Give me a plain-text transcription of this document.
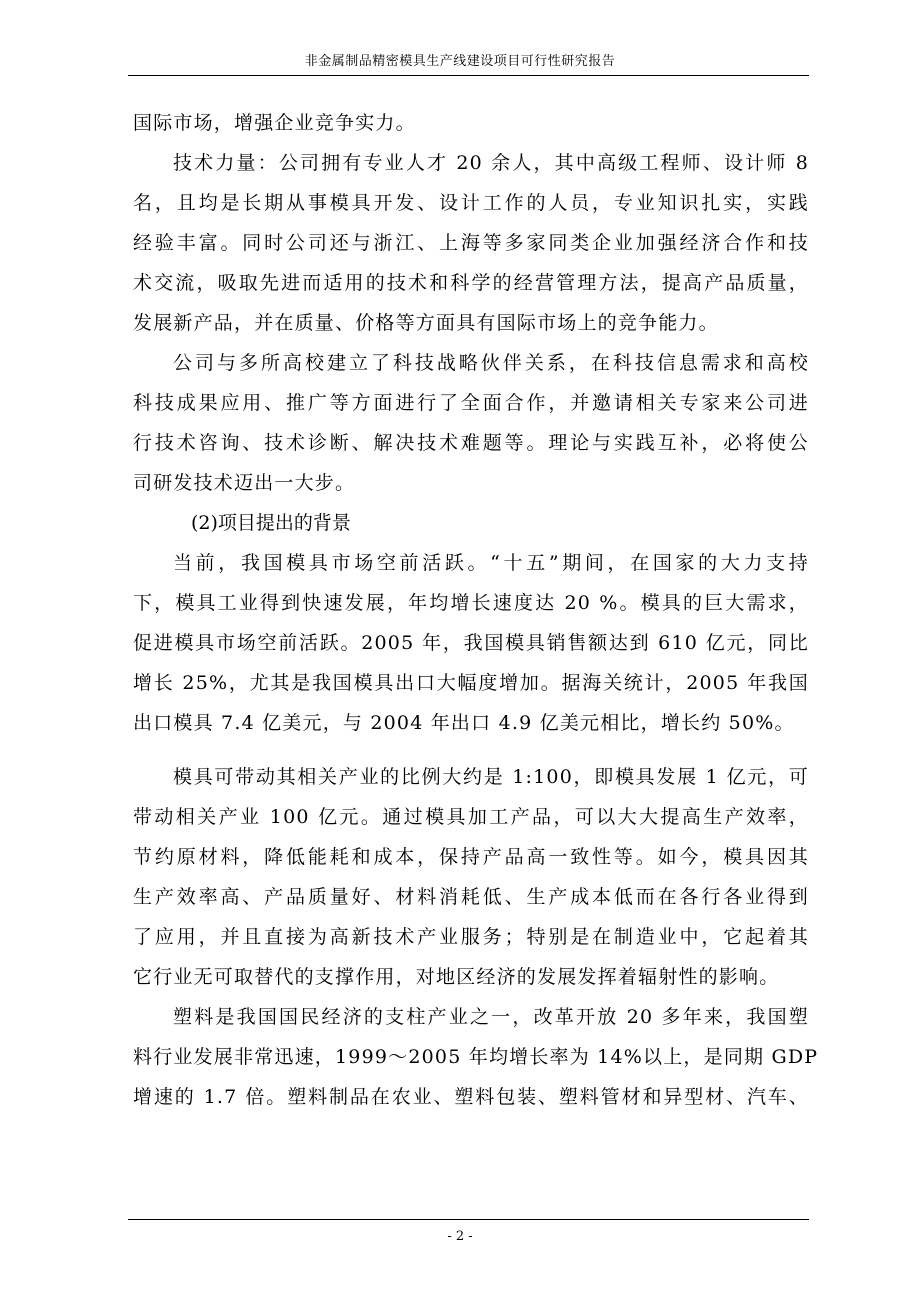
非金属制品精密模具生产线建设项目可行性研究报告

国际市场，增强企业竞争实力。

技术力量：公司拥有专业人才 20 余人，其中高级工程师、设计师 8

名，且均是长期从事模具开发、设计工作的人员，专业知识扎实，实践

经验丰富。同时公司还与浙江、上海等多家同类企业加强经济合作和技

术交流，吸取先进而适用的技术和科学的经营管理方法，提高产品质量，

发展新产品，并在质量、价格等方面具有国际市场上的竞争能力。

公司与多所高校建立了科技战略伙伴关系，在科技信息需求和高校

科技成果应用、推广等方面进行了全面合作，并邀请相关专家来公司进

行技术咨询、技术诊断、解决技术难题等。理论与实践互补，必将使公

司研发技术迈出一大步。

(2)项目提出的背景

当前，我国模具市场空前活跃。“十五”期间，在国家的大力支持

下，模具工业得到快速发展，年均增长速度达 20 %。模具的巨大需求，

促进模具市场空前活跃。2005 年，我国模具销售额达到 610 亿元，同比

增长 25%，尤其是我国模具出口大幅度增加。据海关统计，2005 年我国

出口模具 7.4 亿美元，与 2004 年出口 4.9 亿美元相比，增长约 50%。

模具可带动其相关产业的比例大约是 1:100，即模具发展 1 亿元，可

带动相关产业 100 亿元。通过模具加工产品，可以大大提高生产效率，

节约原材料，降低能耗和成本，保持产品高一致性等。如今，模具因其

生产效率高、产品质量好、材料消耗低、生产成本低而在各行各业得到

了应用，并且直接为高新技术产业服务；特别是在制造业中，它起着其

它行业无可取替代的支撑作用，对地区经济的发展发挥着辐射性的影响。

塑料是我国国民经济的支柱产业之一，改革开放 20 多年来，我国塑

料行业发展非常迅速，1999～2005 年均增长率为 14%以上，是同期 GDP

增速的 1.7 倍。塑料制品在农业、塑料包装、塑料管材和异型材、汽车、

- 2 -
